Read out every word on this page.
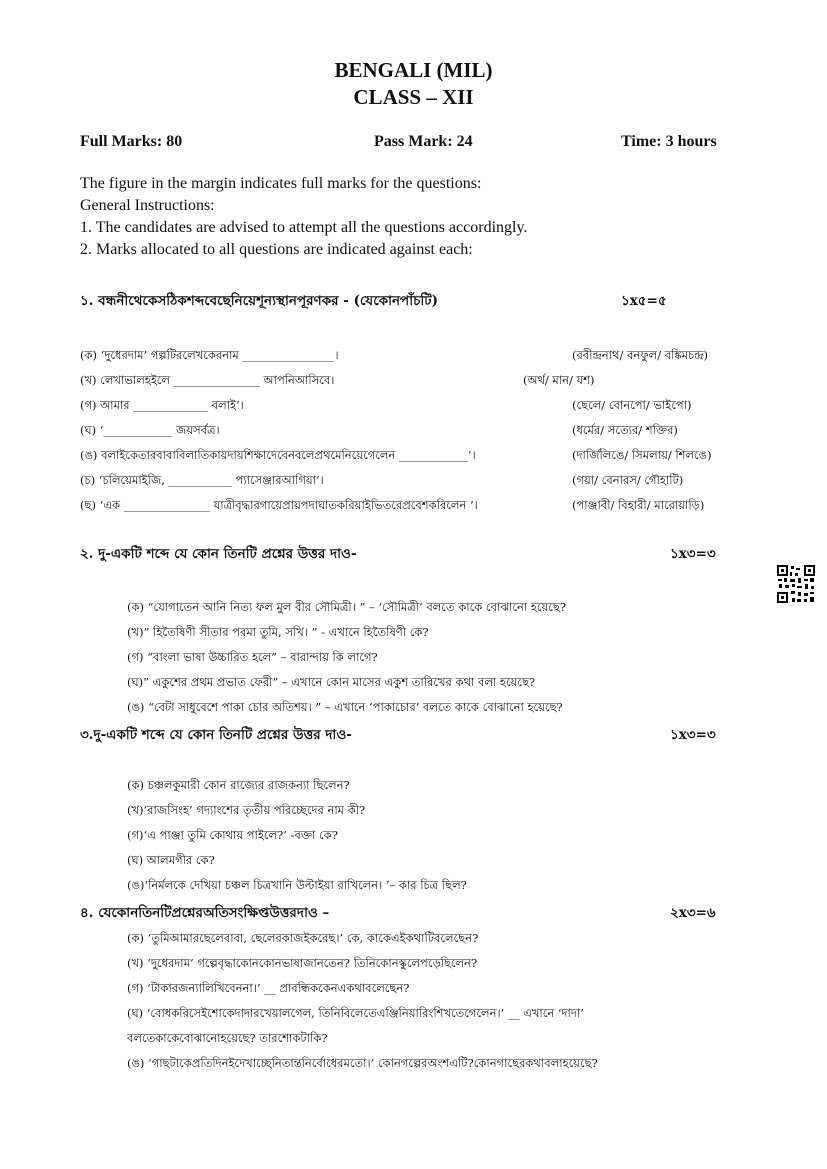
BENGALI (MIL)
CLASS – XII
Full Marks: 80	Pass Mark: 24	Time: 3 hours
The figure in the margin indicates full marks for the questions:
General Instructions:
1. The candidates are advised to attempt all the questions accordingly.
2. Marks allocated to all questions are indicated against each:
১. বন্ধনীথেকেসঠিকশব্দবেছেনিয়েশূন্যস্থানপূরণকর - (যেকোনপাঁচটি)	১x৫=৫
(ক) ‘দুধেরদাম’ গল্পটিরলেখকেরনাম ________________।	(রবীন্দ্রনাথ/ বনফুল/ বঙ্কিমচন্দ্র)
(খ) লেখাভালহইলে _______________ আপনিআসিবে।	(অর্থ/ মান/ যশ)
(গ) আমার _____________ বলাই’।	(ছেলে/ বোনপো/ ভাইপো)
(ঘ) ‘____________ জয়সর্বত্র।	(ধর্মের/ সত্যের/ শক্তির)
(ঙ) বলাইকেতারবাবাবিলাতিকায়দায়শিক্ষাদেবেনবলেপ্রথমেনিয়েগেলেন ____________’।	(দার্জিলিঙে/ সিমলায়/ শিলঙে)
(চ) ‘চলিয়েমাইজি, ___________ প্যাসেঞ্জারআগিয়া’।	(গয়া/ বেনারস/ গৌহাটি)
(ছ) ‘এক _______________ যাত্রীবৃদ্ধারগায়েপ্রায়পদাঘাতকরিয়াইভিতরেপ্রবেশকরিলেন ’।	(পাঞ্জাবী/ বিহারী/ মারোয়াড়ি)
২. দু-একটি শব্দে যে কোন তিনটি প্রশ্নের উত্তর দাও-	১x৩=৩
(ক) “যোগাতেন আনি নিত্য ফল মুল বীর সৌমিত্রী। ” – ‘সৌমিত্রী’ বলতে কাকে বোঝানো হয়েছে?
(খ)” হিতৈষিণী সীতার পরমা তুমি, সখি। ” - এখানে হিতৈষিণী কে?
(গ) “বাংলা ভাষা উচ্চারিত হলে” – বারান্দায় কি লাগে?
(ঘ)” একুশের প্রথম প্রভাত ফেরী” – এখানে কোন মাসের একুশ তারিখের কথা বলা হয়েছে?
(ঙ) “বেটা সাধুবেশে পাকা চোর অতিশয়। ” – এখানে ‘পাকাচোর’ বলতে কাকে বোঝানো হয়েছে?
৩.দু-একটি শব্দে যে কোন তিনটি প্রশ্নের উত্তর দাও-	১x৩=৩
(ক) চঞ্চলকুমারী কোন রাজ্যের রাজকন্যা ছিলেন?
(খ)‘রাজসিংহ’ গদ্যাংশের তৃতীয় পরিচ্ছেদের নাম কী?
(গ)‘এ পাঞ্জা তুমি কোথায় পাইলে?’ -বক্তা কে?
(ঘ) আলমগীর কে?
(ঙ)‘নির্মলকে দেখিয়া চঞ্চল চিত্রখানি উল্টাইয়া রাখিলেন। ’– কার চিত্র ছিল?
৪. যেকোনতিনটিপ্রশ্নেরঅতিসংক্ষিপ্তউত্তরদাও –	২x৩=৬
(ক) ‘তুমিআমারছেলেবাবা, ছেলেরকাজইকরেছ।’ কে, কাকেএইকথাটিবলেছেন?
(খ) ‘দুধেরদাম’ গল্পেবৃদ্ধাকোনকোনভাষাজানতেন? তিনিকোনস্কুলেপড়েছিলেন?
(গ) ‘টাকারজন্যালিখিবেননা।’ __ প্রাবন্ধিককেনএকথাবলেছেন?
(ঘ) ‘বোধকরিসেইশোকেদাদারখেয়ালগেল, তিনিবিলেতেএঞ্জিনিয়ারিংশিখতেগেলেন।’ __ এখানে ‘দাদা’
বলতেকাকেবোঝানোহয়েছে? তারশোকটাকি?
(ঙ) ‘গাছটাকেপ্রতিদিনইদেখাচ্ছেনিতান্তনির্বোধেরমতো।’ কোনগল্পেরঅংশএটি?কোনগাছেরকথাবলাহয়েছে?
